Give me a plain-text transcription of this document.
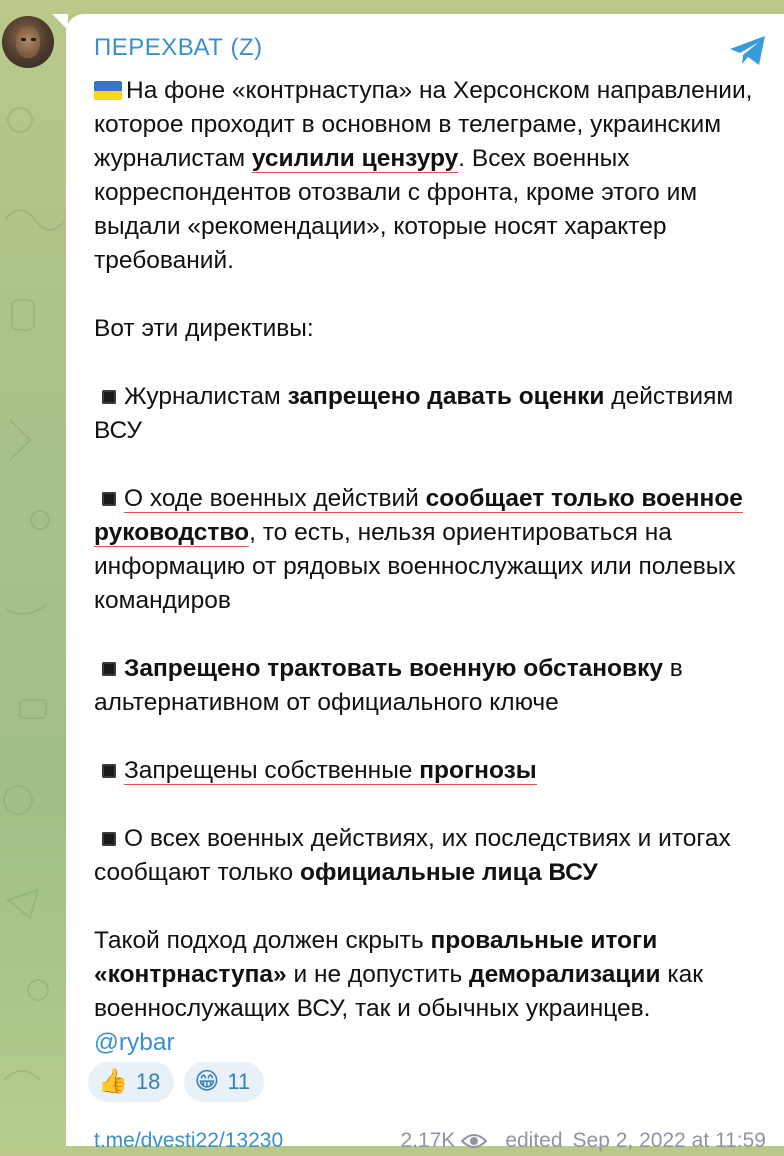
ПЕРЕХВАТ (Z)

На фоне «контрнаступа» на Херсонском направлении, которое проходит в основном в телеграме, украинским журналистам усилили цензуру. Всех военных корреспондентов отозвали с фронта, кроме этого им выдали «рекомендации», которые носят характер требований.

Вот эти директивы:

Журналистам запрещено давать оценки действиям ВСУ

О ходе военных действий сообщает только военное руководство, то есть, нельзя ориентироваться на информацию от рядовых военнослужащих или полевых командиров

Запрещено трактовать военную обстановку в альтернативном от официального ключе

Запрещены собственные прогнозы

О всех военных действиях, их последствиях и итогах сообщают только официальные лица ВСУ

Такой подход должен скрыть провальные итоги «контрнаступа» и не допустить деморализации как военнослужащих ВСУ, так и обычных украинцев.
@rybar

👍 18 😁 11
t.me/dvesti22/13230	2.17K edited Sep 2, 2022 at 11:59
